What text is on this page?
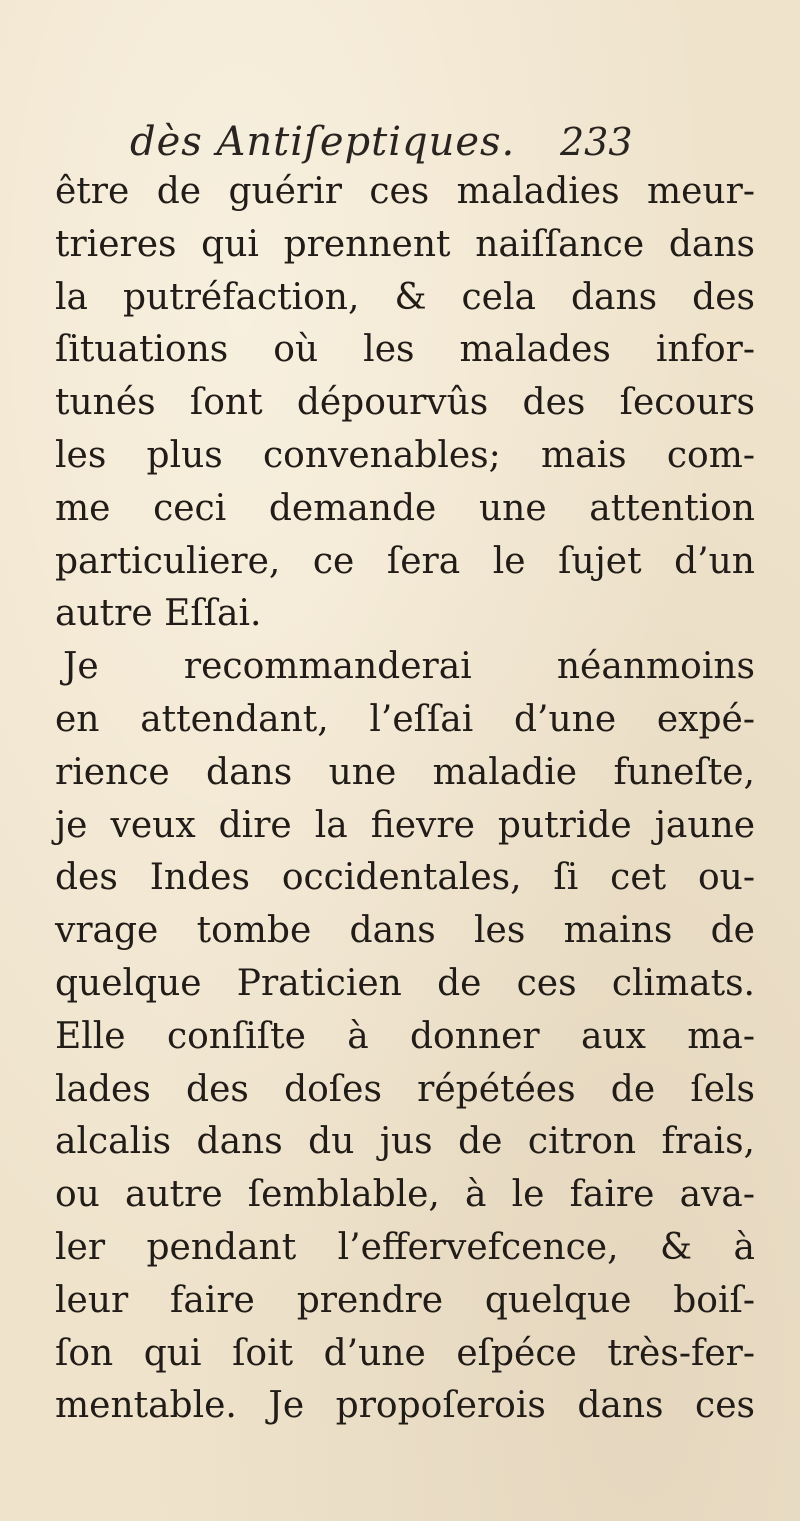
dès Antiſeptiques. 233
être de guérir ces maladies meur-
trieres qui prennent naiſſance dans
la putréfaction, & cela dans des
ſituations où les malades infor-
tunés ſont dépourvûs des ſecours
les plus convenables; mais com-
me ceci demande une attention
particuliere, ce ſera le ſujet d’un
autre Eſſai.
Je recommanderai néanmoins
en attendant, l’eſſai d’une expé-
rience dans une maladie funeſte,
je veux dire la fievre putride jaune
des Indes occidentales, ſi cet ou-
vrage tombe dans les mains de
quelque Praticien de ces climats.
Elle conſiſte à donner aux ma-
lades des doſes répétées de ſels
alcalis dans du jus de citron frais,
ou autre ſemblable, à le faire ava-
ler pendant l’effervefcence, & à
leur faire prendre quelque boiſ-
ſon qui ſoit d’une eſpéce très-fer-
mentable. Je propoſerois dans ces
